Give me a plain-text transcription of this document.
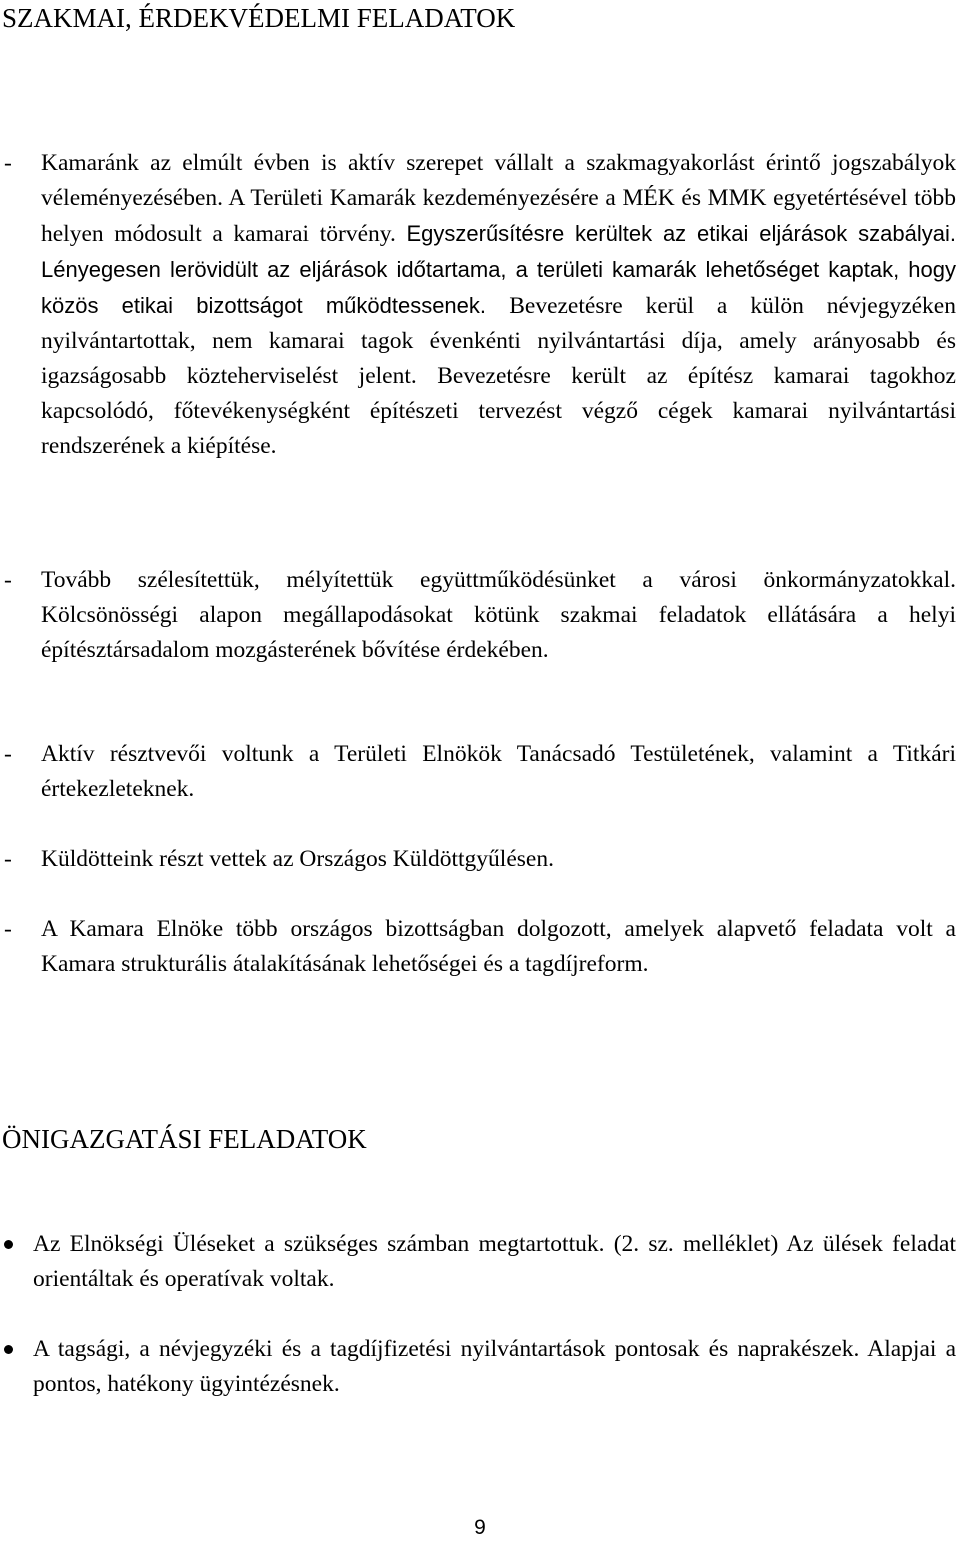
SZAKMAI, ÉRDEKVÉDELMI FELADATOK
- Kamaránk az elmúlt évben is aktív szerepet vállalt a szakmagyakorlást érintő jogszabályok véleményezésében. A Területi Kamarák kezdeményezésére a MÉK és MMK egyetértésével több helyen módosult a kamarai törvény. Egyszerűsítésre kerültek az etikai eljárások szabályai. Lényegesen lerövidült az eljárások időtartama, a területi kamarák lehetőséget kaptak, hogy közös etikai bizottságot működtessenek. Bevezetésre kerül a külön névjegyzéken nyilvántartottak, nem kamarai tagok évenkénti nyilvántartási díja, amely arányosabb és igazságosabb közteherviselést jelent. Bevezetésre került az építész kamarai tagokhoz kapcsolódó, főtevékenységként építészeti tervezést végző cégek kamarai nyilvántartási rendszerének a kiépítése.
- Tovább szélesítettük, mélyítettük együttműködésünket a városi önkormányzatokkal. Kölcsönösségi alapon megállapodásokat kötünk szakmai feladatok ellátására a helyi építésztársadalom mozgásterének bővítése érdekében.
- Aktív résztvevői voltunk a Területi Elnökök Tanácsadó Testületének, valamint a Titkári értekezleteknek.
- Küldötteink részt vettek az Országos Küldöttgyűlésen.
- A Kamara Elnöke több országos bizottságban dolgozott, amelyek alapvető feladata volt a Kamara strukturális átalakításának lehetőségei és a tagdíjreform.
ÖNIGAZGATÁSI FELADATOK
Az Elnökségi Üléseket a szükséges számban megtartottuk. (2. sz. melléklet) Az ülések feladat orientáltak és operatívak voltak.
A tagsági, a névjegyzéki és a tagdíjfizetési nyilvántartások pontosak és naprakészek. Alapjai a pontos, hatékony ügyintézésnek.
9
